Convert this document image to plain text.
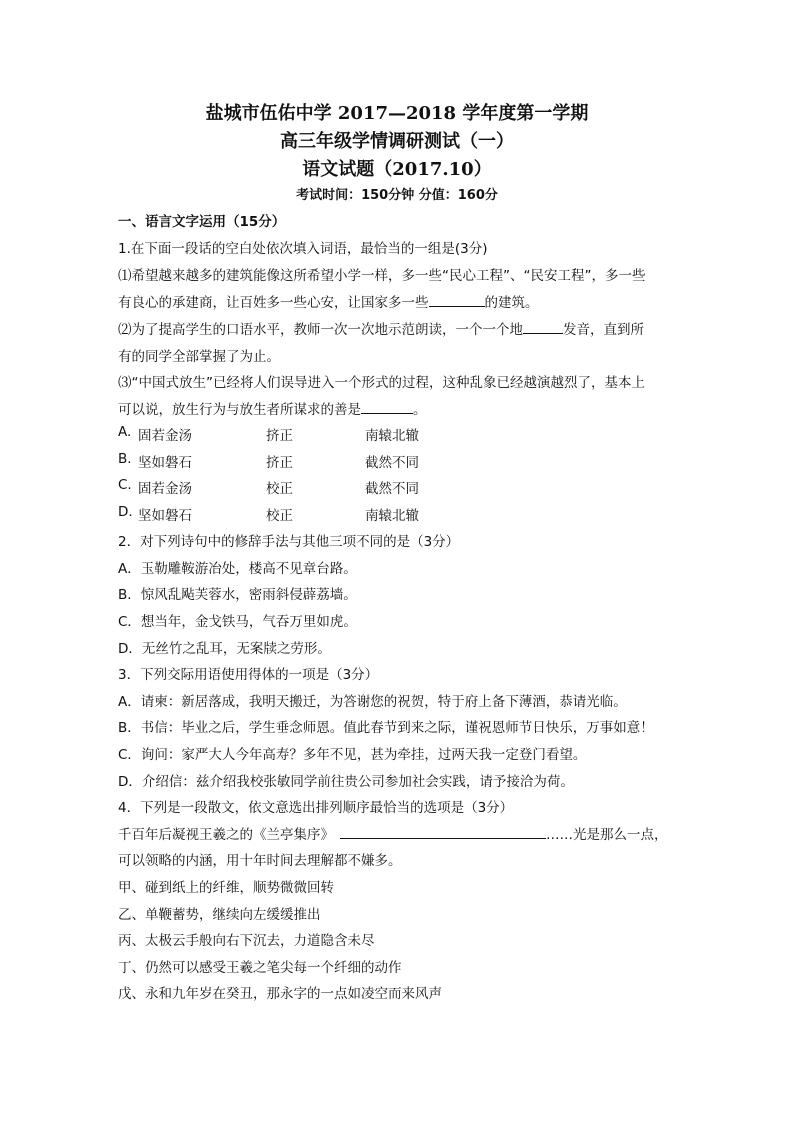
盐城市伍佑中学 2017—2018 学年度第一学期
高三年级学情调研测试（一）
语文试题（2017.10）
考试时间：150分钟 分值：160分
一、语言文字运用（15分）
1.在下面一段话的空白处依次填入词语，最恰当的一组是(3分)
⑴希望越来越多的建筑能像这所希望小学一样，多一些“民心工程”、“民安工程”，多一些
有良心的承建商，让百姓多一些心安，让国家多一些	的建筑。
⑵为了提高学生的口语水平，教师一次一次地示范朗读，一个一个地	发音，直到所
有的同学全部掌握了为止。
⑶“中国式放生”已经将人们误导进入一个形式的过程，这种乱象已经越演越烈了，基本上
可以说，放生行为与放生者所谋求的善是	。
A. 固若金汤	挤正	南辕北辙
B. 坚如磐石	挤正	截然不同
C. 固若金汤	校正	截然不同
D. 坚如磐石	校正	南辕北辙
2．对下列诗句中的修辞手法与其他三项不同的是（3分）
A．玉勒雕鞍游冶处，楼高不见章台路。
B．惊风乱飐芙蓉水，密雨斜侵薜荔墙。
C．想当年，金戈铁马，气吞万里如虎。
D．无丝竹之乱耳，无案牍之劳形。
3．下列交际用语使用得体的一项是（3分）
A．请柬：新居落成，我明天搬迁，为答谢您的祝贺，特于府上备下薄酒，恭请光临。
B．书信：毕业之后，学生垂念师恩。值此春节到来之际，谨祝恩师节日快乐，万事如意！
C．询问：家严大人今年高寿？多年不见，甚为牵挂，过两天我一定登门看望。
D．介绍信：兹介绍我校张敏同学前往贵公司参加社会实践，请予接洽为荷。
4．下列是一段散文，依文意选出排列顺序最恰当的选项是（3分）
千百年后凝视王羲之的《兰亭集序》	……光是那么一点，
可以领略的内涵，用十年时间去理解都不嫌多。
甲、碰到纸上的纤维，顺势微微回转
乙、单鞭蓄势，继续向左缓缓推出
丙、太极云手般向右下沉去，力道隐含未尽
丁、仍然可以感受王羲之笔尖每一个纤细的动作
戊、永和九年岁在癸丑，那永字的一点如凌空而来风声
